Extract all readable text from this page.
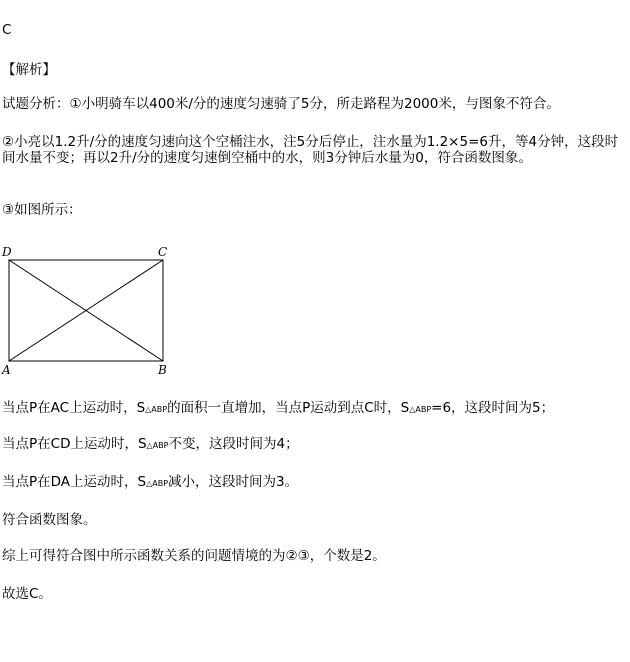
C
【解析】
试题分析：①小明骑车以400米/分的速度匀速骑了5分，所走路程为2000米，与图象不符合。
②小亮以1.2升/分的速度匀速向这个空桶注水，注5分后停止，注水量为1.2×5=6升，等4分钟，这段时间水量不变；再以2升/分的速度匀速倒空桶中的水，则3分钟后水量为0，符合函数图象。
③如图所示：
D	C
A	B
当点P在AC上运动时，S△ABP的面积一直增加，当点P运动到点C时，S△ABP=6，这段时间为5；
当点P在CD上运动时，S△ABP不变，这段时间为4；
当点P在DA上运动时，S△ABP减小，这段时间为3。
符合函数图象。
综上可得符合图中所示函数关系的问题情境的为②③，个数是2。
故选C。
